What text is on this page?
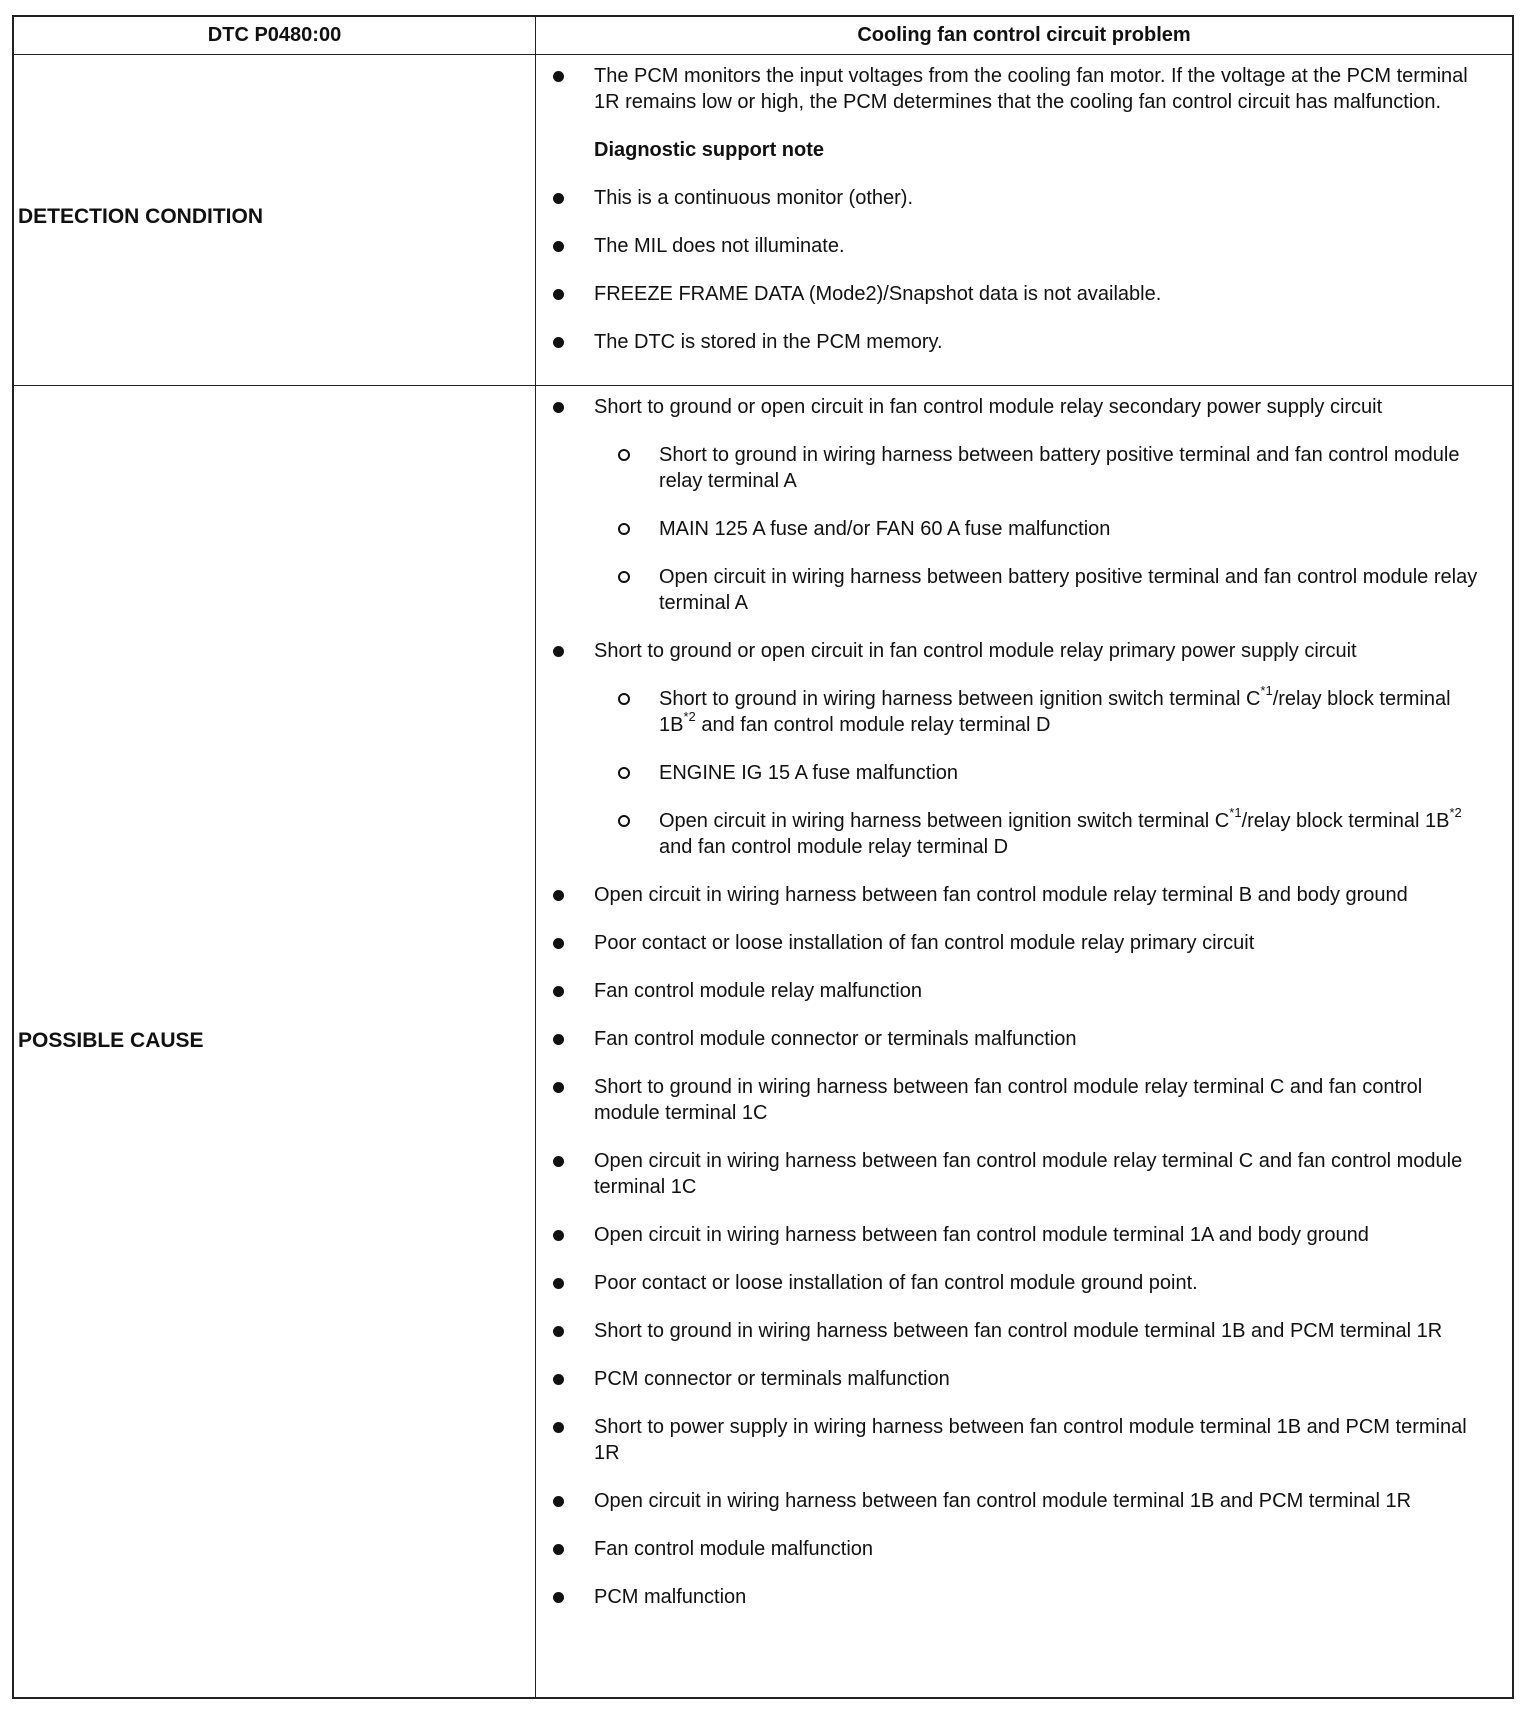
DTC P0480:00	Cooling fan control circuit problem
DETECTION CONDITION
The PCM monitors the input voltages from the cooling fan motor. If the voltage at the PCM terminal 1R remains low or high, the PCM determines that the cooling fan control circuit has malfunction.
Diagnostic support note
This is a continuous monitor (other).
The MIL does not illuminate.
FREEZE FRAME DATA (Mode2)/Snapshot data is not available.
The DTC is stored in the PCM memory.
POSSIBLE CAUSE
Short to ground or open circuit in fan control module relay secondary power supply circuit
Short to ground in wiring harness between battery positive terminal and fan control module relay terminal A
MAIN 125 A fuse and/or FAN 60 A fuse malfunction
Open circuit in wiring harness between battery positive terminal and fan control module relay terminal A
Short to ground or open circuit in fan control module relay primary power supply circuit
Short to ground in wiring harness between ignition switch terminal $C^{*1}$/relay block terminal $1B^{*2}$ and fan control module relay terminal D
ENGINE IG 15 A fuse malfunction
Open circuit in wiring harness between ignition switch terminal $C^{*1}$/relay block terminal $1B^{*2}$ and fan control module relay terminal D
Open circuit in wiring harness between fan control module relay terminal B and body ground
Poor contact or loose installation of fan control module relay primary circuit
Fan control module relay malfunction
Fan control module connector or terminals malfunction
Short to ground in wiring harness between fan control module relay terminal C and fan control module terminal 1C
Open circuit in wiring harness between fan control module relay terminal C and fan control module terminal 1C
Open circuit in wiring harness between fan control module terminal 1A and body ground
Poor contact or loose installation of fan control module ground point.
Short to ground in wiring harness between fan control module terminal 1B and PCM terminal 1R
PCM connector or terminals malfunction
Short to power supply in wiring harness between fan control module terminal 1B and PCM terminal 1R
Open circuit in wiring harness between fan control module terminal 1B and PCM terminal 1R
Fan control module malfunction
PCM malfunction
